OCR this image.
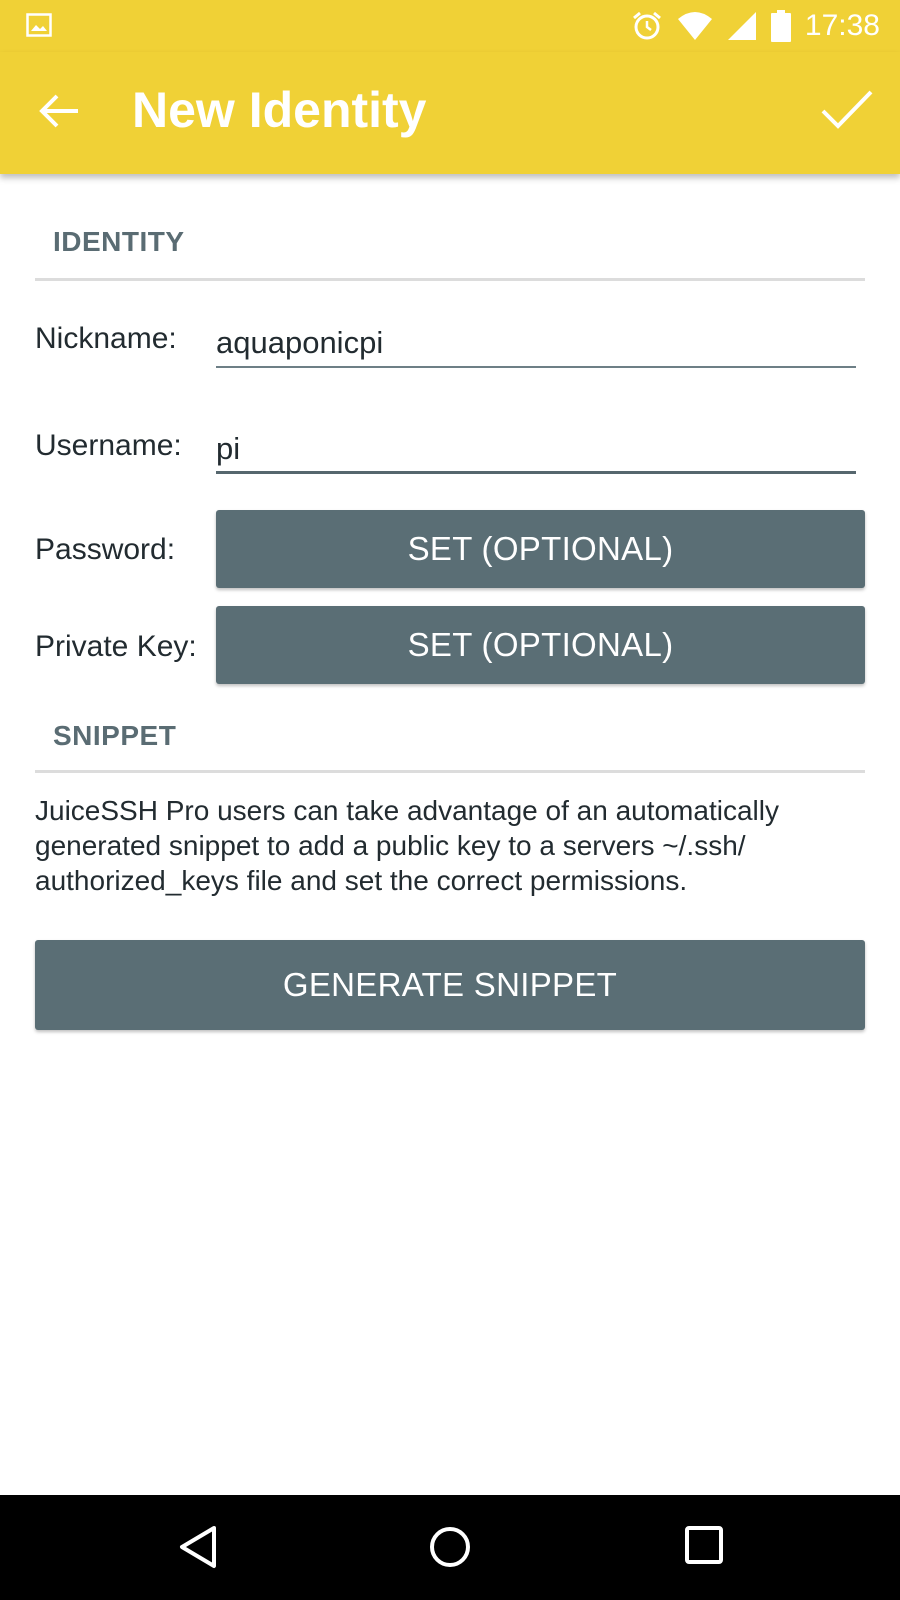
17:38
New Identity
IDENTITY
Nickname: aquaponicpi
Username: pi
Password:	SET (OPTIONAL)
Private Key:	SET (OPTIONAL)
SNIPPET
JuiceSSH Pro users can take advantage of an automatically generated snippet to add a public key to a servers ~/.ssh/ authorized_keys file and set the correct permissions.
GENERATE SNIPPET
